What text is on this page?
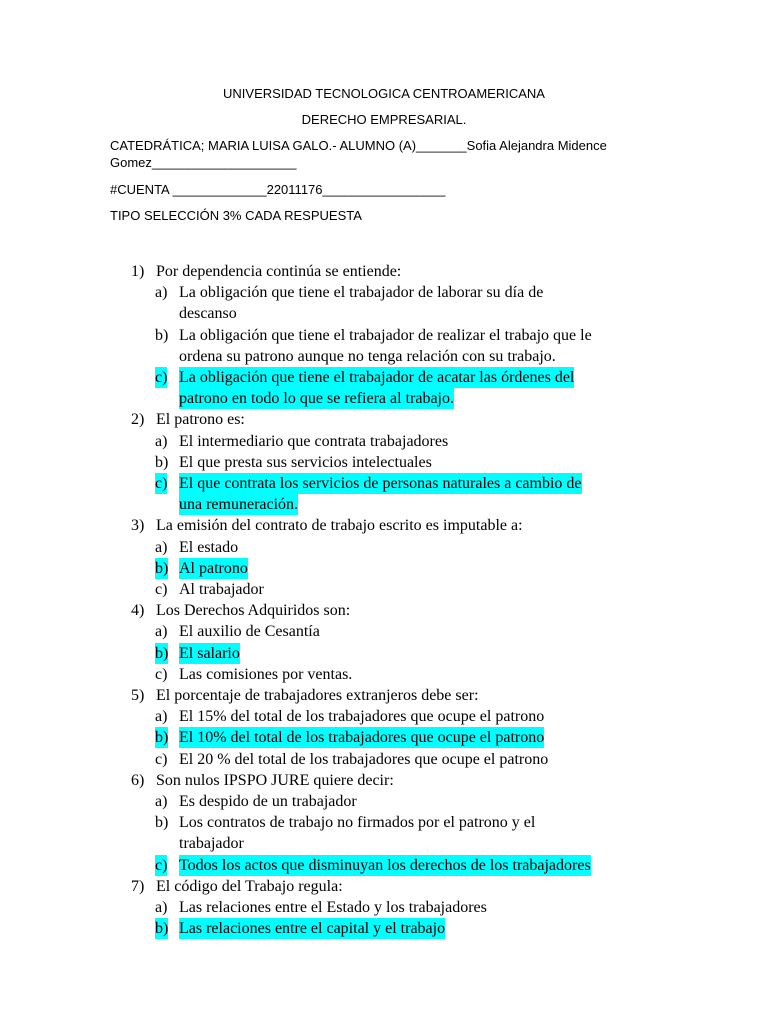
UNIVERSIDAD TECNOLOGICA CENTROAMERICANA
DERECHO EMPRESARIAL.
CATEDRÁTICA; MARIA LUISA GALO.- ALUMNO (A)_______Sofia Alejandra Midence
Gomez____________________
#CUENTA _____________22011176_________________
TIPO SELECCIÓN 3% CADA RESPUESTA
1) Por dependencia continúa se entiende:
a) La obligación que tiene el trabajador de laborar su día de
descanso
b) La obligación que tiene el trabajador de realizar el trabajo que le
ordena su patrono aunque no tenga relación con su trabajo.
c) La obligación que tiene el trabajador de acatar las órdenes del
patrono en todo lo que se refiera al trabajo.
2) El patrono es:
a) El intermediario que contrata trabajadores
b) El que presta sus servicios intelectuales
c) El que contrata los servicios de personas naturales a cambio de
una remuneración.
3) La emisión del contrato de trabajo escrito es imputable a:
a) El estado
b) Al patrono
c) Al trabajador
4) Los Derechos Adquiridos son:
a) El auxilio de Cesantía
b) El salario
c) Las comisiones por ventas.
5) El porcentaje de trabajadores extranjeros debe ser:
a) El 15% del total de los trabajadores que ocupe el patrono
b) El 10% del total de los trabajadores que ocupe el patrono
c) El 20 % del total de los trabajadores que ocupe el patrono
6) Son nulos IPSPO JURE quiere decir:
a) Es despido de un trabajador
b) Los contratos de trabajo no firmados por el patrono y el
trabajador
c) Todos los actos que disminuyan los derechos de los trabajadores
7) El código del Trabajo regula:
a) Las relaciones entre el Estado y los trabajadores
b) Las relaciones entre el capital y el trabajo
